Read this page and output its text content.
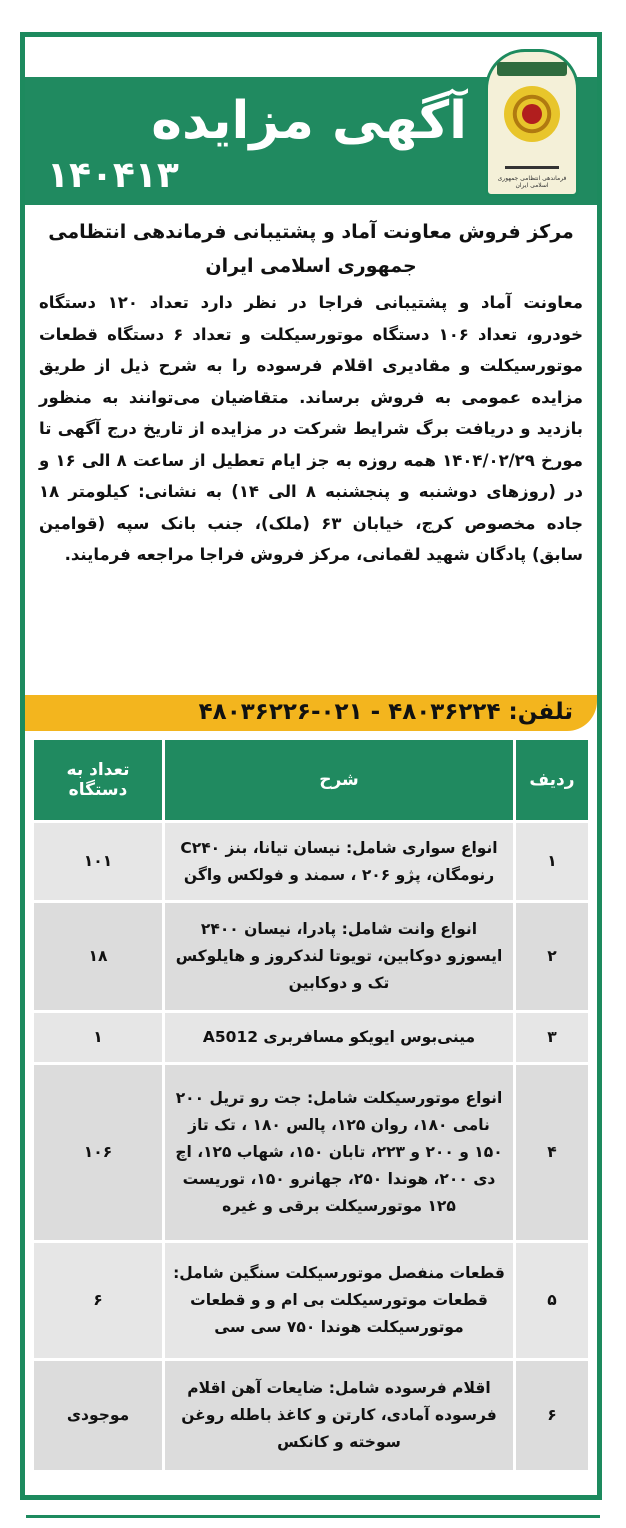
فرماندهی انتظامی جمهوری اسلامی ایران
آگهی مزایده
۱۴۰۴۱۳
مرکز فروش معاونت آماد و پشتیبانی فرماندهی انتظامی
جمهوری اسلامی ایران
معاونت آماد و پشتیبانی فراجا در نظر دارد تعداد ۱۲۰ دستگاه خودرو، تعداد ۱۰۶ دستگاه موتورسیکلت و تعداد ۶ دستگاه قطعات موتورسیکلت و مقادیری اقلام فرسوده را به شرح ذیل از طریق مزایده عمومی به فروش برساند. متقاضیان می‌توانند به منظور بازدید و دریافت برگ شرایط شرکت در مزایده از تاریخ درج آگهی تا مورخ ۱۴۰۴/۰۲/۲۹ همه روزه به جز ایام تعطیل از ساعت ۸ الی ۱۶ و در (روزهای دوشنبه و پنجشنبه ۸ الی ۱۴) به نشانی: کیلومتر ۱۸ جاده مخصوص کرج، خیابان ۶۳ (ملک)، جنب بانک سپه (قوامین سابق) پادگان شهید لقمانی، مرکز فروش فراجا مراجعه فرمایند.
تلفن: ۴۸۰۳۶۲۲۴ - ۰۲۱-۴۸۰۳۶۲۲۶
ردیف	شرح	تعداد به دستگاه
۱	انواع سواری شامل: نیسان تیانا، بنز C۲۴۰ رنومگان، پژو ۲۰۶ ، سمند و فولکس واگن	۱۰۱
۲	انواع وانت شامل: پادرا، نیسان ۲۴۰۰ ایسوزو دوکابین، تویوتا لندکروز و هایلوکس تک و دوکابین	۱۸
۳	مینی‌بوس ایویکو مسافربری A5012	۱
۴	انواع موتورسیکلت شامل: جت رو تریل ۲۰۰ نامی ۱۸۰، روان ۱۲۵، پالس ۱۸۰ ، تک تاز ۱۵۰ و ۲۰۰ و ۲۲۳، تابان ۱۵۰، شهاب ۱۲۵، اچ دی ۲۰۰، هوندا ۲۵۰، جهانرو ۱۵۰، توریست ۱۲۵ موتورسیکلت برقی و غیره	۱۰۶
۵	قطعات منفصل موتورسیکلت سنگین شامل: قطعات موتورسیکلت بی ام و و قطعات موتورسیکلت هوندا ۷۵۰ سی سی	۶
۶	اقلام فرسوده شامل: ضایعات آهن اقلام فرسوده آمادی، کارتن و کاغذ باطله روغن سوخته و کانکس	موجودی
